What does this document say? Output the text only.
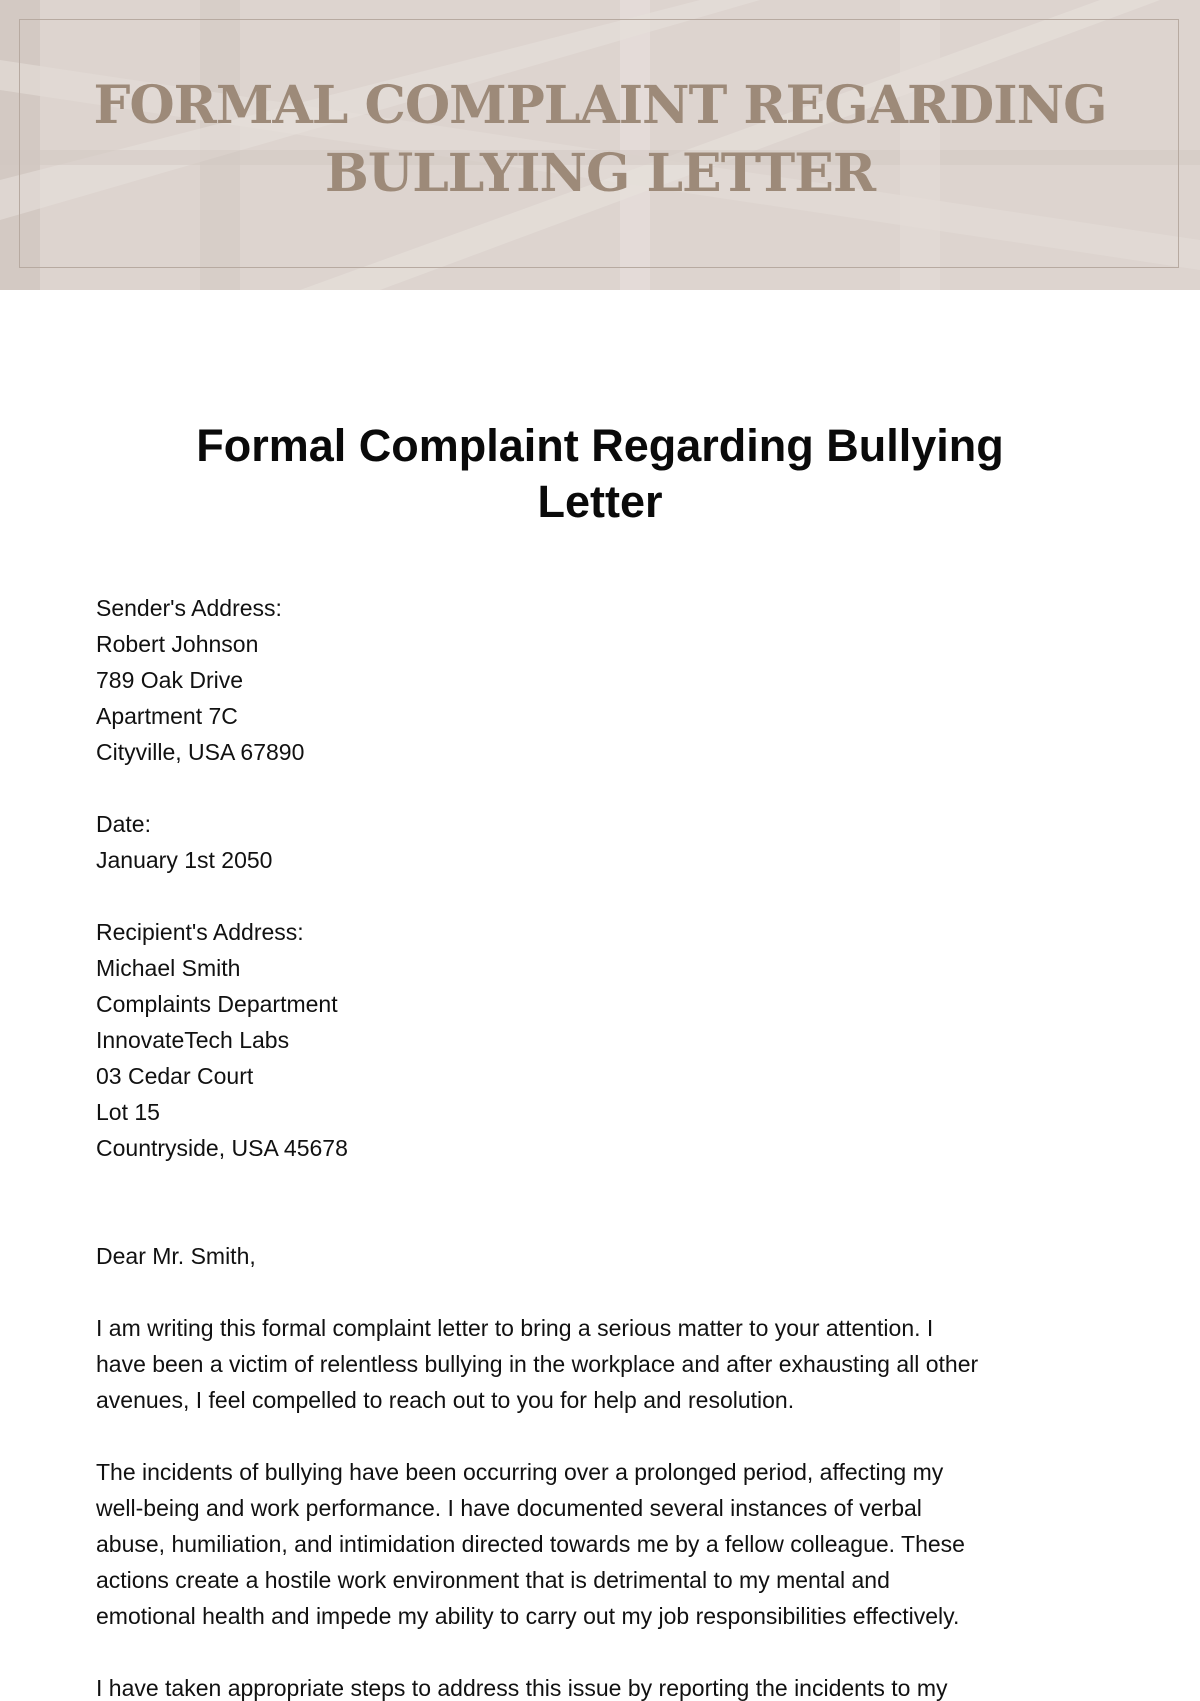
FORMAL COMPLAINT REGARDING
BULLYING LETTER
Formal Complaint Regarding Bullying
Letter
Sender's Address:
Robert Johnson
789 Oak Drive
Apartment 7C
Cityville, USA 67890
Date:
January 1st 2050
Recipient's Address:
Michael Smith
Complaints Department
InnovateTech Labs
03 Cedar Court
Lot 15
Countryside, USA 45678

Dear Mr. Smith,

I am writing this formal complaint letter to bring a serious matter to your attention. I
have been a victim of relentless bullying in the workplace and after exhausting all other
avenues, I feel compelled to reach out to you for help and resolution.

The incidents of bullying have been occurring over a prolonged period, affecting my
well-being and work performance. I have documented several instances of verbal
abuse, humiliation, and intimidation directed towards me by a fellow colleague. These
actions create a hostile work environment that is detrimental to my mental and
emotional health and impede my ability to carry out my job responsibilities effectively.

I have taken appropriate steps to address this issue by reporting the incidents to my
